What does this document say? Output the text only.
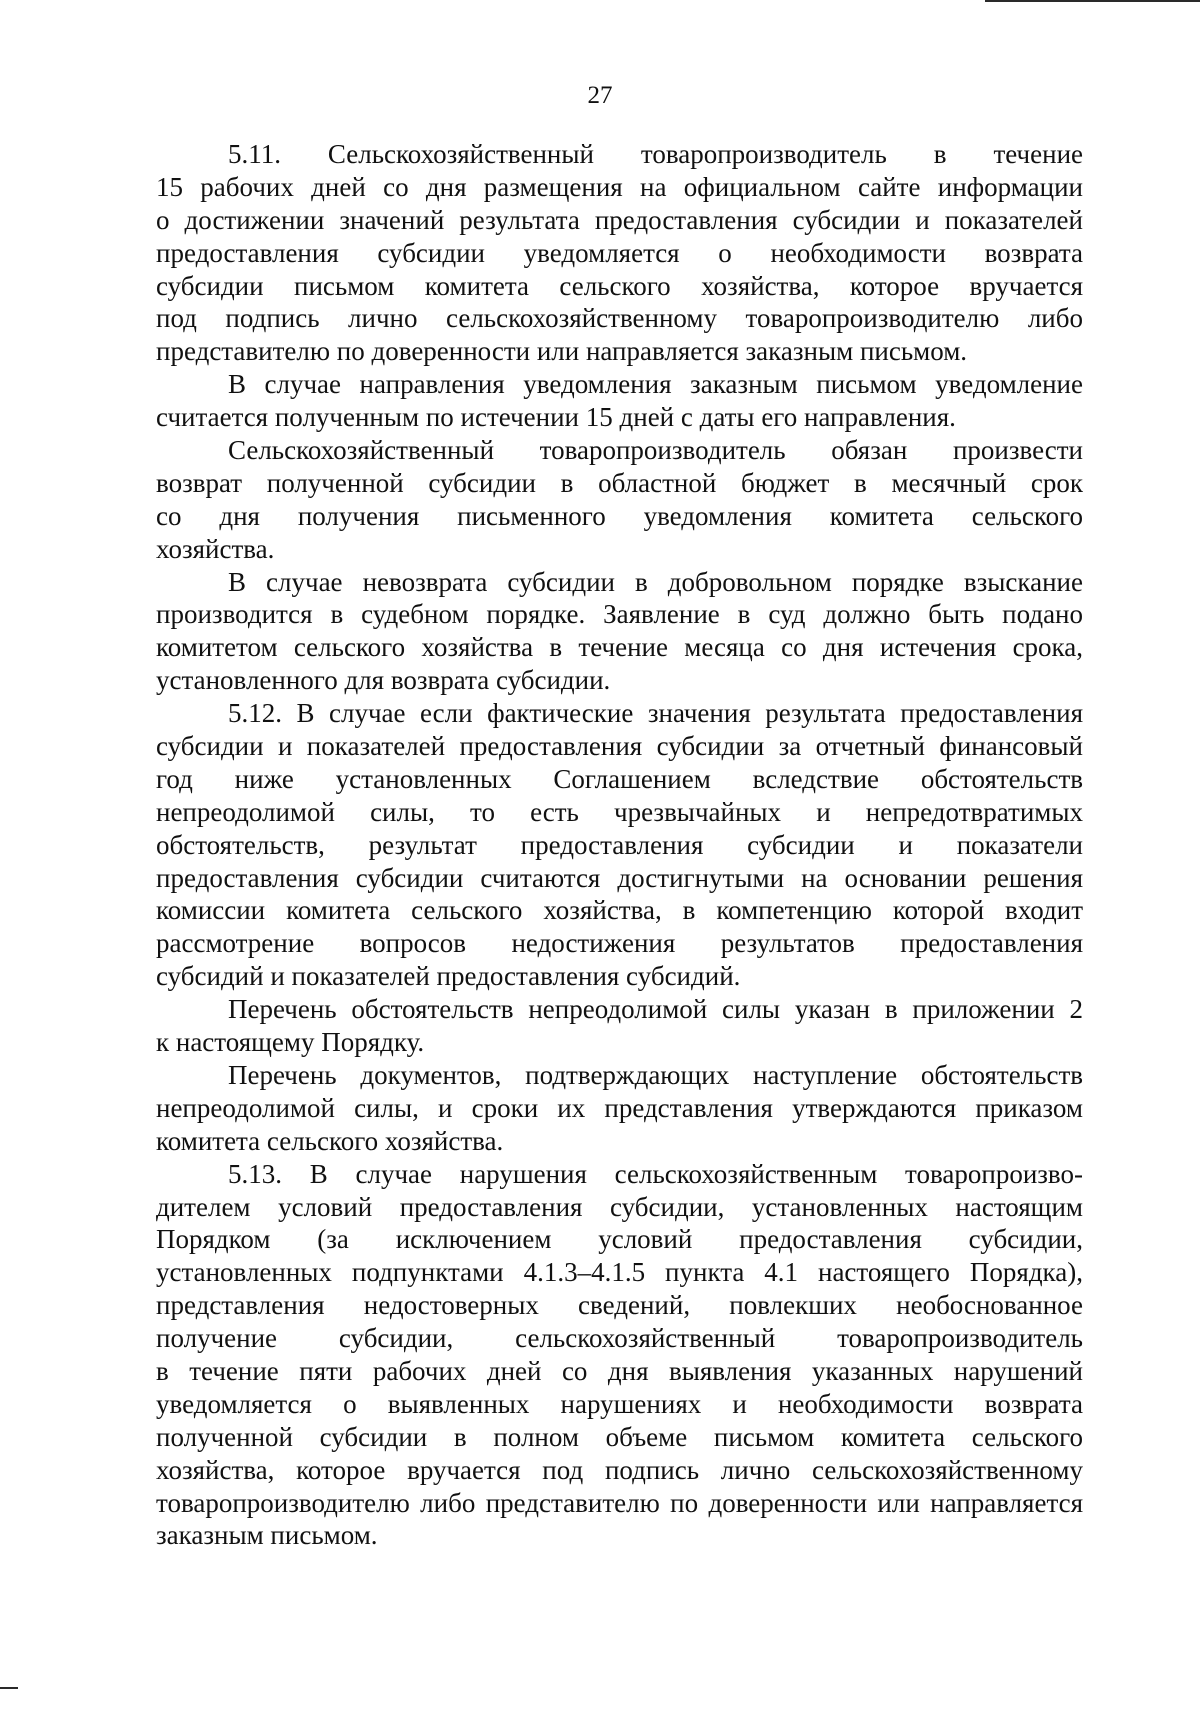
27
5.11. Сельскохозяйственный товаропроизводитель в течение
15 рабочих дней со дня размещения на официальном сайте информации
о достижении значений результата предоставления субсидии и показателей
предоставления субсидии уведомляется о необходимости возврата
субсидии письмом комитета сельского хозяйства, которое вручается
под подпись лично сельскохозяйственному товаропроизводителю либо
представителю по доверенности или направляется заказным письмом.
В случае направления уведомления заказным письмом уведомление
считается полученным по истечении 15 дней с даты его направления.
Сельскохозяйственный товаропроизводитель обязан произвести
возврат полученной субсидии в областной бюджет в месячный срок
со дня получения письменного уведомления комитета сельского
хозяйства.
В случае невозврата субсидии в добровольном порядке взыскание
производится в судебном порядке. Заявление в суд должно быть подано
комитетом сельского хозяйства в течение месяца со дня истечения срока,
установленного для возврата субсидии.
5.12. В случае если фактические значения результата предоставления
субсидии и показателей предоставления субсидии за отчетный финансовый
год ниже установленных Соглашением вследствие обстоятельств
непреодолимой силы, то есть чрезвычайных и непредотвратимых
обстоятельств, результат предоставления субсидии и показатели
предоставления субсидии считаются достигнутыми на основании решения
комиссии комитета сельского хозяйства, в компетенцию которой входит
рассмотрение вопросов недостижения результатов предоставления
субсидий и показателей предоставления субсидий.
Перечень обстоятельств непреодолимой силы указан в приложении 2
к настоящему Порядку.
Перечень документов, подтверждающих наступление обстоятельств
непреодолимой силы, и сроки их представления утверждаются приказом
комитета сельского хозяйства.
5.13. В случае нарушения сельскохозяйственным товаропроизво-
дителем условий предоставления субсидии, установленных настоящим
Порядком (за исключением условий предоставления субсидии,
установленных подпунктами 4.1.3–4.1.5 пункта 4.1 настоящего Порядка),
представления недостоверных сведений, повлекших необоснованное
получение субсидии, сельскохозяйственный товаропроизводитель
в течение пяти рабочих дней со дня выявления указанных нарушений
уведомляется о выявленных нарушениях и необходимости возврата
полученной субсидии в полном объеме письмом комитета сельского
хозяйства, которое вручается под подпись лично сельскохозяйственному
товаропроизводителю либо представителю по доверенности или направляется
заказным письмом.
